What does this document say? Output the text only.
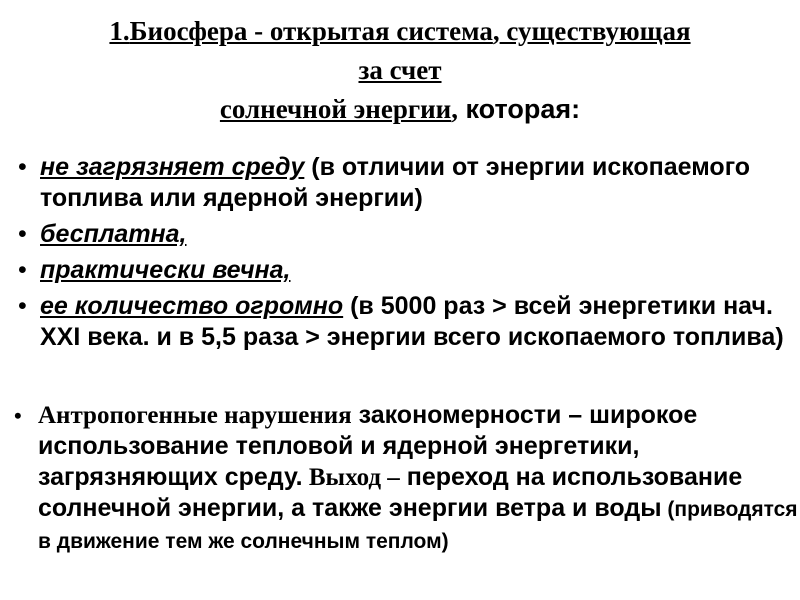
1.Биосфера - открытая система, существующая
за счет
солнечной энергии, которая:
• не загрязняет среду (в отличии от энергии ископаемого топлива или ядерной энергии)
• бесплатна,
• практически вечна,
• ее количество огромно (в 5000 раз > всей энергетики нач. XXI века. и в 5,5 раза > энергии всего ископаемого топлива)
• Антропогенные нарушения закономерности – широкое использование тепловой и ядерной энергетики, загрязняющих среду. Выход – переход на использование солнечной энергии, а также энергии ветра и воды (приводятся в движение тем же солнечным теплом)
